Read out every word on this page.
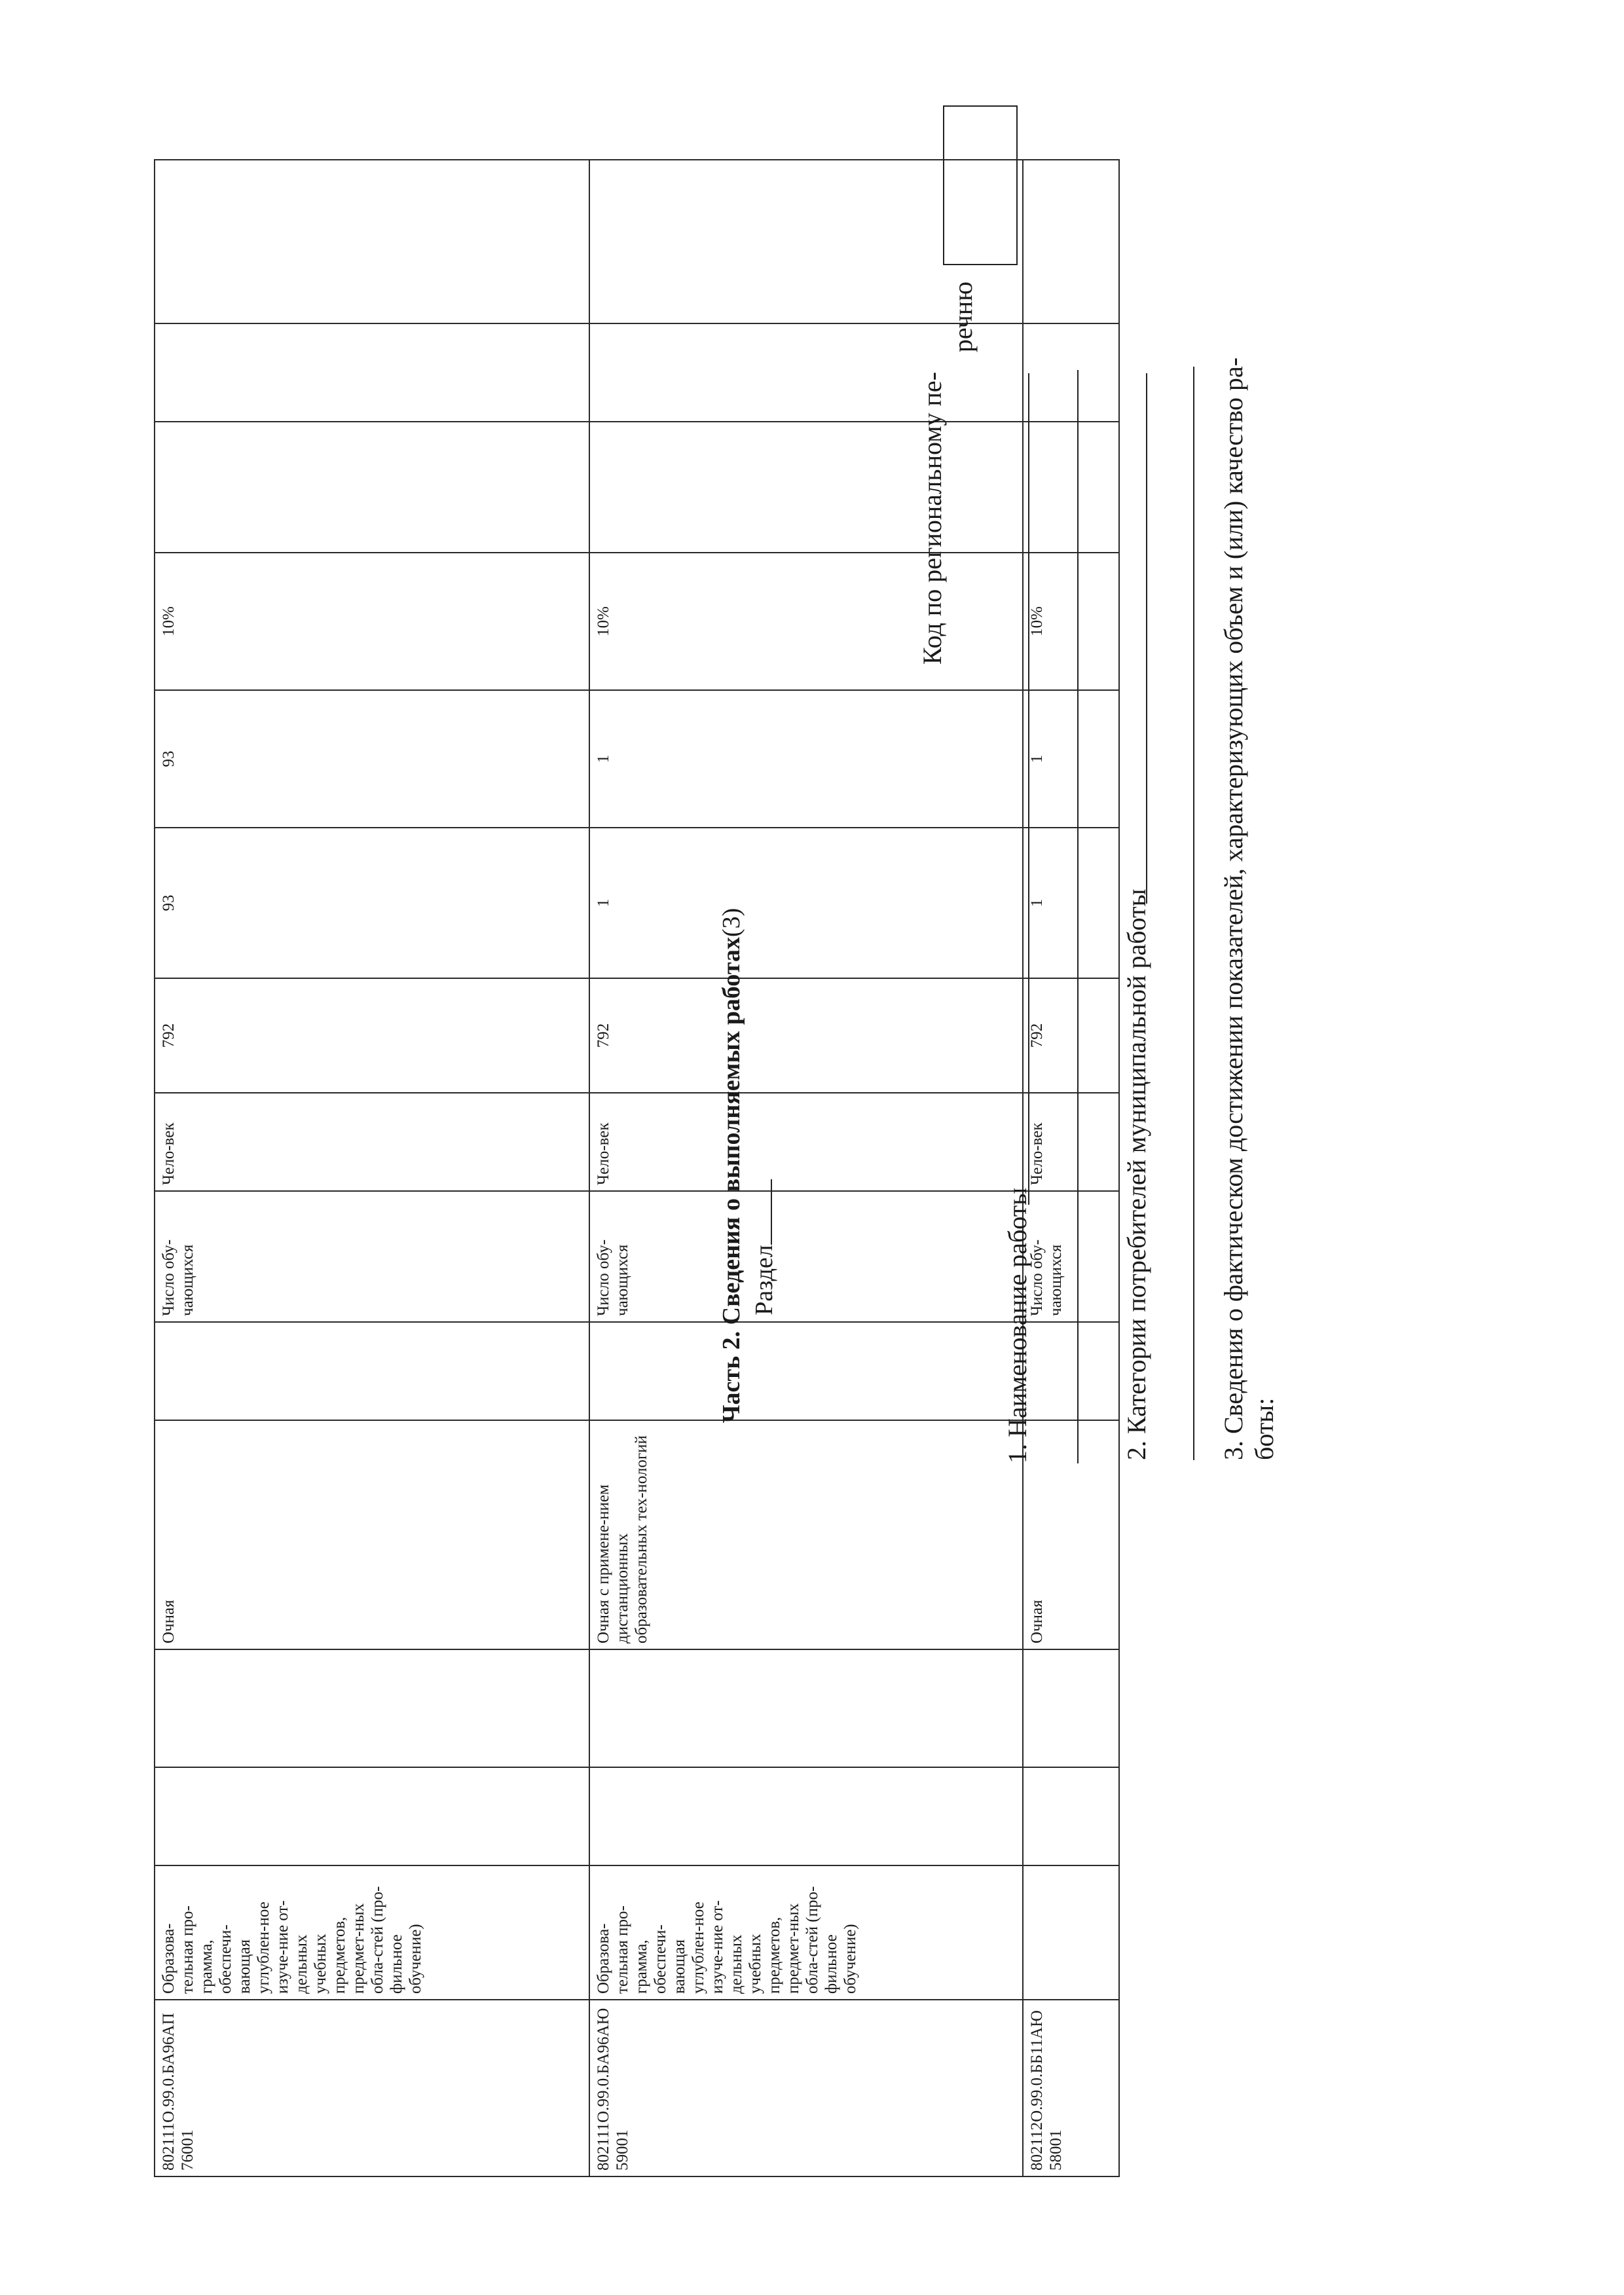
802111О.99.0.БА96АП76001	Образова-тельная про-грамма, обеспечи-вающая углублен-ное изуче-ние от-дельных учебных предметов, предмет-ных обла-стей (про-фильное обучение)			Очная		Число обу-чающихся	Чело-век	792	93	93	10%			
802111О.99.0.БА96АЮ59001	Образова-тельная про-грамма, обеспечи-вающая углублен-ное изуче-ние от-дельных учебных предметов, предмет-ных обла-стей (про-фильное обучение)			Очная с примене-нием дистанционных образовательных тех-нологий		Число обу-чающихся	Чело-век	792	1	1	10%			
802112О.99.0.ББ11АЮ58001				Очная		Число обу-чающихся	Чело-век	792	1	1	10%			
Часть 2. Сведения о выполняемых работах(3)
Раздел
Код по региональному пе-
речню
1. Наименование работы	2. Категории потребителей муниципальной работы	3. Сведения о фактическом достижении показателей, характеризующих объем и (или) качество ра- боты:
